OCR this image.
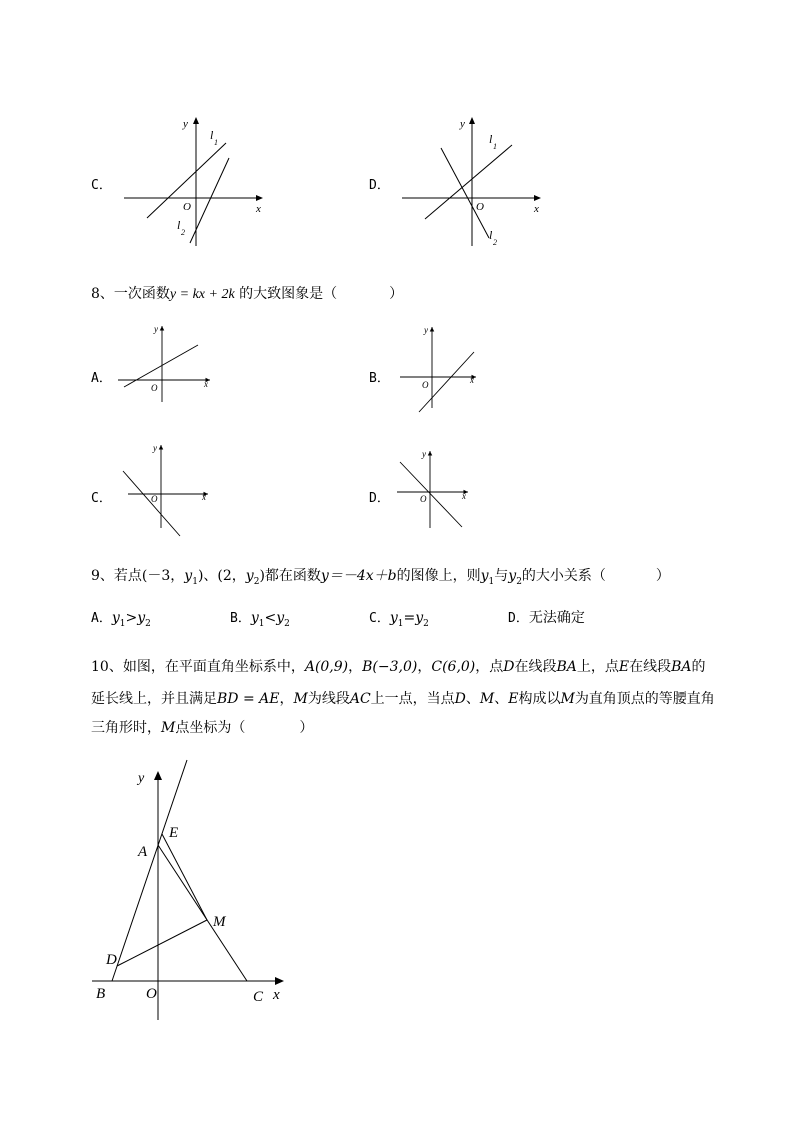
C．
y
x
O
l
1
l
2
y
x
O
l
1
l
2
D．
8、一次函数y = kx + 2k 的大致图象是（	）
A．	B．
C．	D．
y
x
O
y
x
O
y
x
O
y
x
O
9、若点(－3，$y_1$)、(2，$y_2$)都在函数y＝－4x＋b的图像上，则$y_1$与$y_2$的大小关系（	）
A．$y_1>y_2$	B．$y_1<y_2$	C．$y_1=y_2$	D．无法确定
10、如图，在平面直角坐标系中，A(0,9)，B(−3,0)，C(6,0)，点D在线段BA上，点E在线段BA的
延长线上，并且满足BD = AE，M为线段AC上一点，当点D、M、E构成以M为直角顶点的等腰直角
三角形时，M点坐标为（	）
y
E
A
M
D
B	O	C x
